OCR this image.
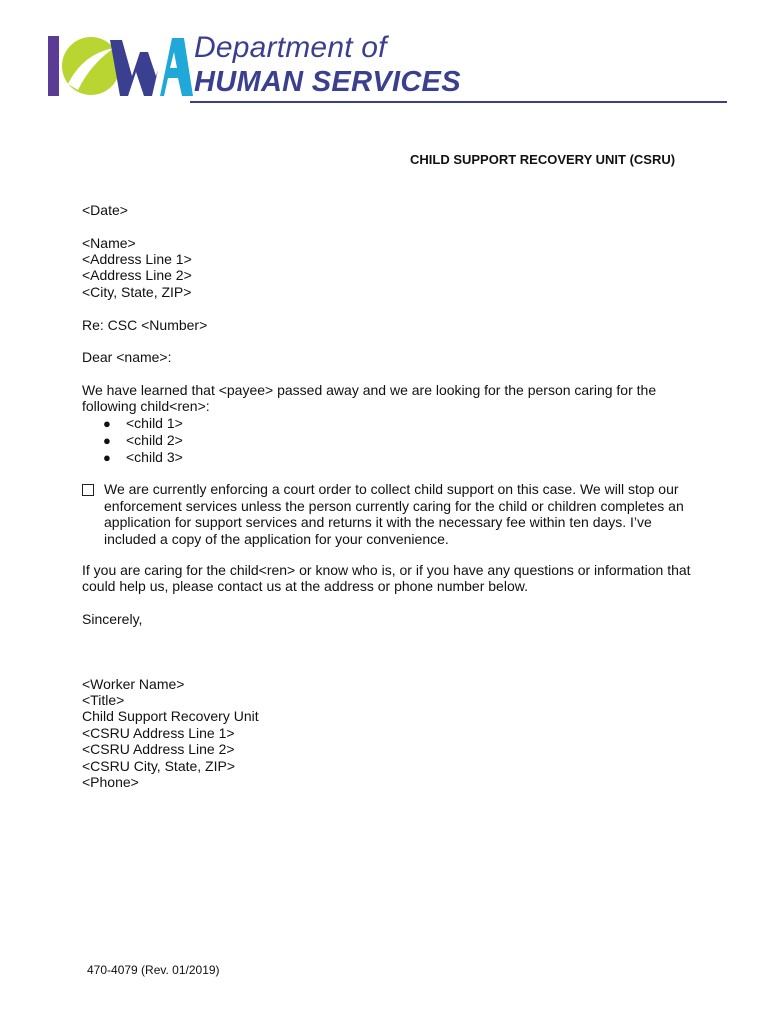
Department of
HUMAN SERVICES
CHILD SUPPORT RECOVERY UNIT (CSRU)
<Date>
<Name>
<Address Line 1>
<Address Line 2>
<City, State, ZIP>
Re: CSC <Number>
Dear <name>:
We have learned that <payee> passed away and we are looking for the person caring for the
following child<ren>:
● <child 1>
● <child 2>
● <child 3>
We are currently enforcing a court order to collect child support on this case. We will stop our
enforcement services unless the person currently caring for the child or children completes an
application for support services and returns it with the necessary fee within ten days. I’ve
included a copy of the application for your convenience.
If you are caring for the child<ren> or know who is, or if you have any questions or information that
could help us, please contact us at the address or phone number below.
Sincerely,
<Worker Name>
<Title>
Child Support Recovery Unit
<CSRU Address Line 1>
<CSRU Address Line 2>
<CSRU City, State, ZIP>
<Phone>
470-4079 (Rev. 01/2019)
